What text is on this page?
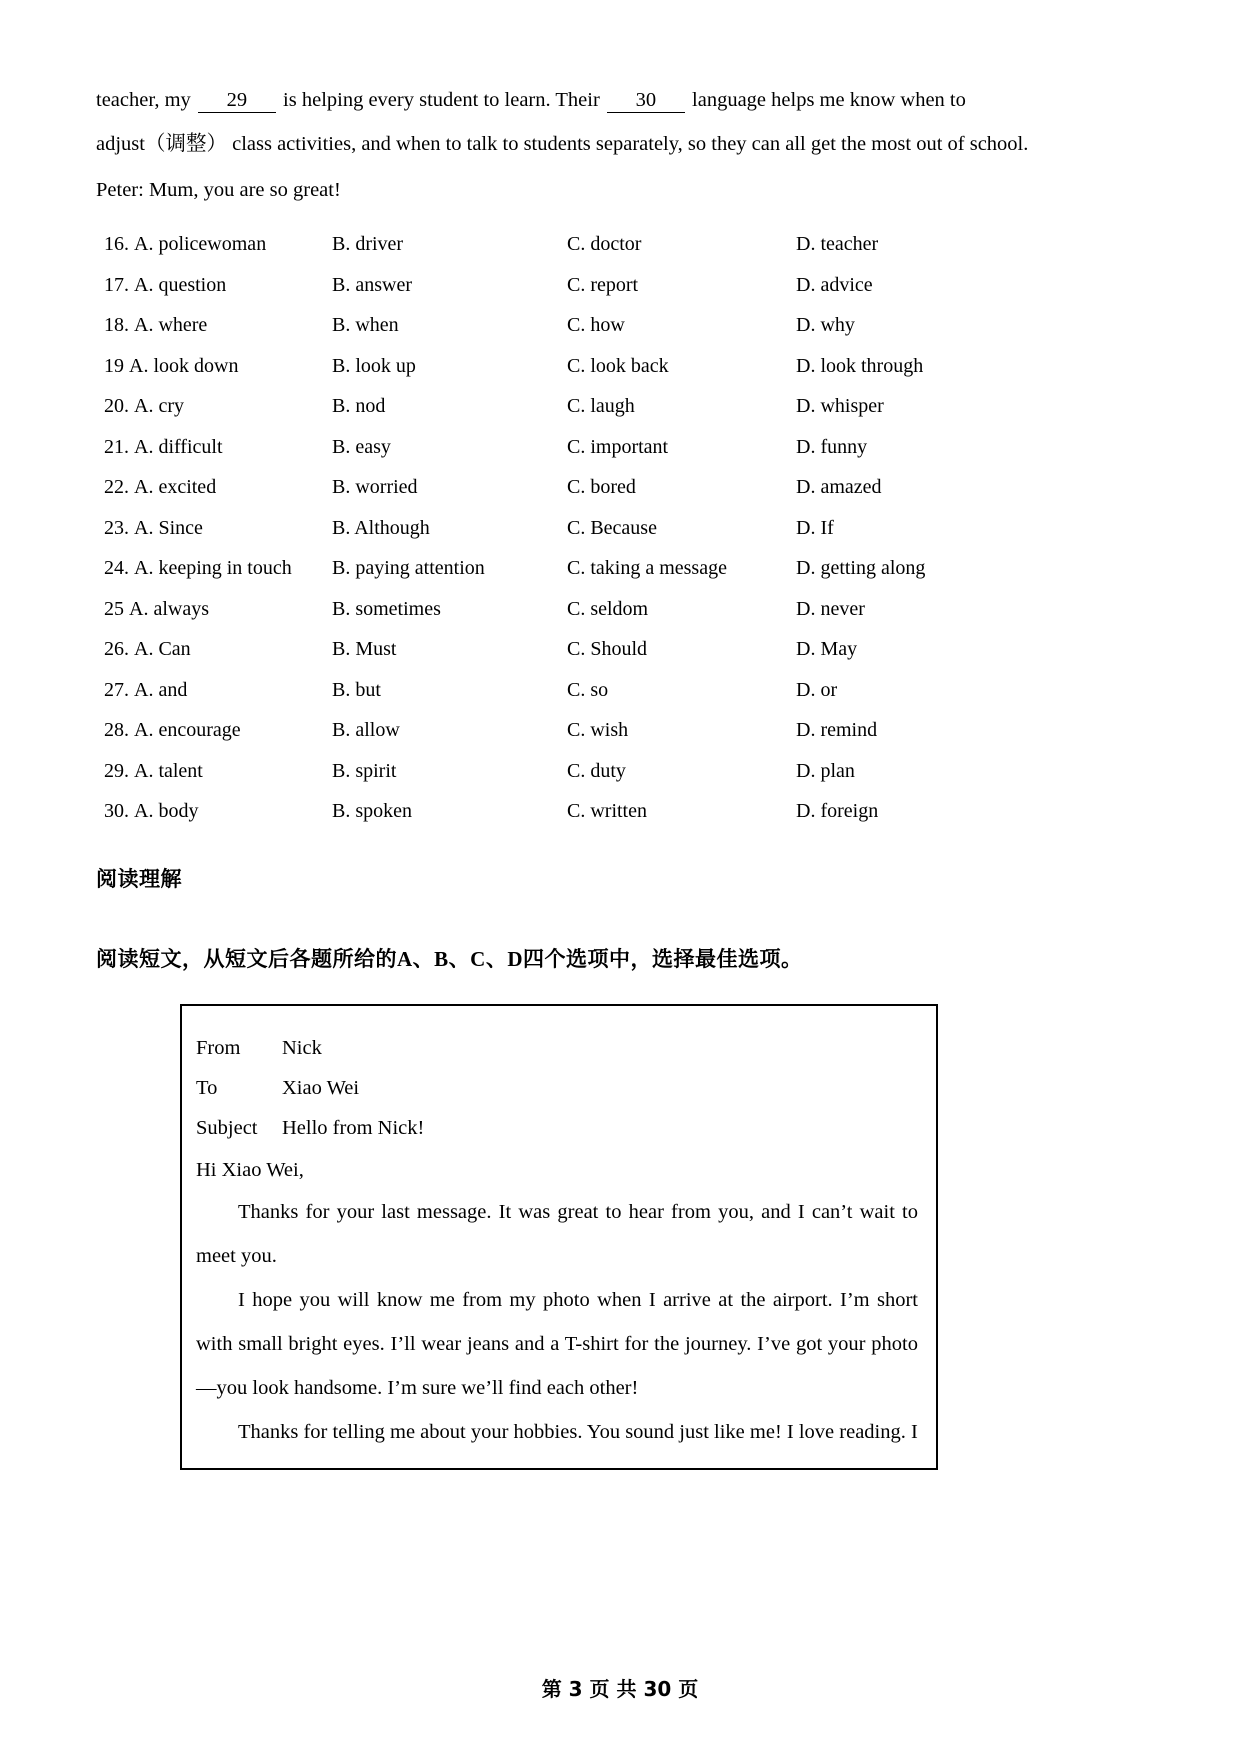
teacher, my 29 is helping every student to learn. Their 30 language helps me know when to
adjust（调整） class activities, and when to talk to students separately, so they can all get the most out of school.
Peter: Mum, you are so great!
16. A. policewoman	B. driver	C. doctor	D. teacher
17. A. question	B. answer	C. report	D. advice
18. A. where	B. when	C. how	D. why
19 A. look down	B. look up	C. look back	D. look through
20. A. cry	B. nod	C. laugh	D. whisper
21. A. difficult	B. easy	C. important	D. funny
22. A. excited	B. worried	C. bored	D. amazed
23. A. Since	B. Although	C. Because	D. If
24. A. keeping in touch	B. paying attention	C. taking a message	D. getting along
25 A. always	B. sometimes	C. seldom	D. never
26. A. Can	B. Must	C. Should	D. May
27. A. and	B. but	C. so	D. or
28. A. encourage	B. allow	C. wish	D. remind
29. A. talent	B. spirit	C. duty	D. plan
30. A. body	B. spoken	C. written	D. foreign
阅读理解
阅读短文，从短文后各题所给的A、B、C、D四个选项中，选择最佳选项。
From	Nick
To	Xiao Wei
Subject	Hello from Nick!
Hi Xiao Wei,

Thanks for your last message. It was great to hear from you, and I can’t wait to meet you.

I hope you will know me from my photo when I arrive at the airport. I’m short with small bright eyes. I’ll wear jeans and a T-shirt for the journey. I’ve got your photo—you look handsome. I’m sure we’ll find each other!

Thanks for telling me about your hobbies. You sound just like me! I love reading. I

第 3 页 共 30 页
